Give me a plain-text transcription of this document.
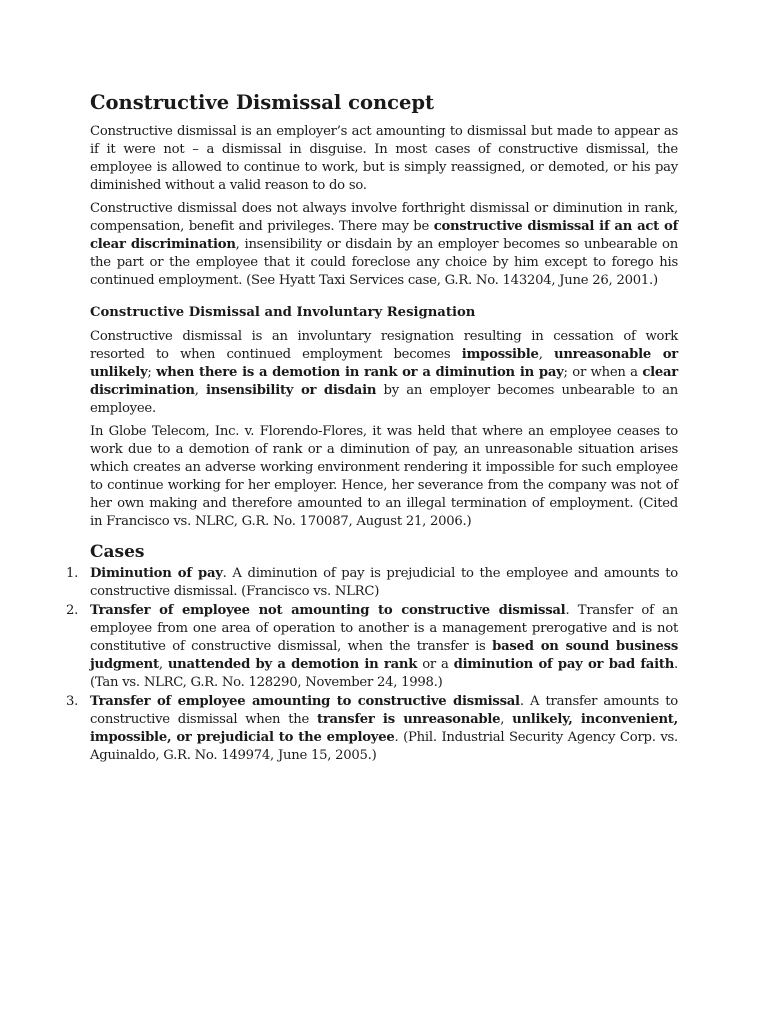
Constructive Dismissal concept

Constructive dismissal is an employer’s act amounting to dismissal but made to appear as if it were not – a dismissal in disguise. In most cases of constructive dismissal, the employee is allowed to continue to work, but is simply reassigned, or demoted, or his pay diminished without a valid reason to do so.

Constructive dismissal does not always involve forthright dismissal or diminution in rank, compensation, benefit and privileges. There may be constructive dismissal if an act of clear discrimination, insensibility or disdain by an employer becomes so unbearable on the part or the employee that it could foreclose any choice by him except to forego his continued employment. (See Hyatt Taxi Services case, G.R. No. 143204, June 26, 2001.)

Constructive Dismissal and Involuntary Resignation

Constructive dismissal is an involuntary resignation resulting in cessation of work resorted to when continued employment becomes impossible, unreasonable or unlikely; when there is a demotion in rank or a diminution in pay; or when a clear discrimination, insensibility or disdain by an employer becomes unbearable to an employee.

In Globe Telecom, Inc. v. Florendo-Flores, it was held that where an employee ceases to work due to a demotion of rank or a diminution of pay, an unreasonable situation arises which creates an adverse working environment rendering it impossible for such employee to continue working for her employer. Hence, her severance from the company was not of her own making and therefore amounted to an illegal termination of employment. (Cited in Francisco vs. NLRC, G.R. No. 170087, August 21, 2006.)

Cases
1. Diminution of pay. A diminution of pay is prejudicial to the employee and amounts to constructive dismissal. (Francisco vs. NLRC)
2. Transfer of employee not amounting to constructive dismissal. Transfer of an employee from one area of operation to another is a management prerogative and is not constitutive of constructive dismissal, when the transfer is based on sound business judgment, unattended by a demotion in rank or a diminution of pay or bad faith. (Tan vs. NLRC, G.R. No. 128290, November 24, 1998.)
3. Transfer of employee amounting to constructive dismissal. A transfer amounts to constructive dismissal when the transfer is unreasonable, unlikely, inconvenient, impossible, or prejudicial to the employee. (Phil. Industrial Security Agency Corp. vs. Aguinaldo, G.R. No. 149974, June 15, 2005.)
